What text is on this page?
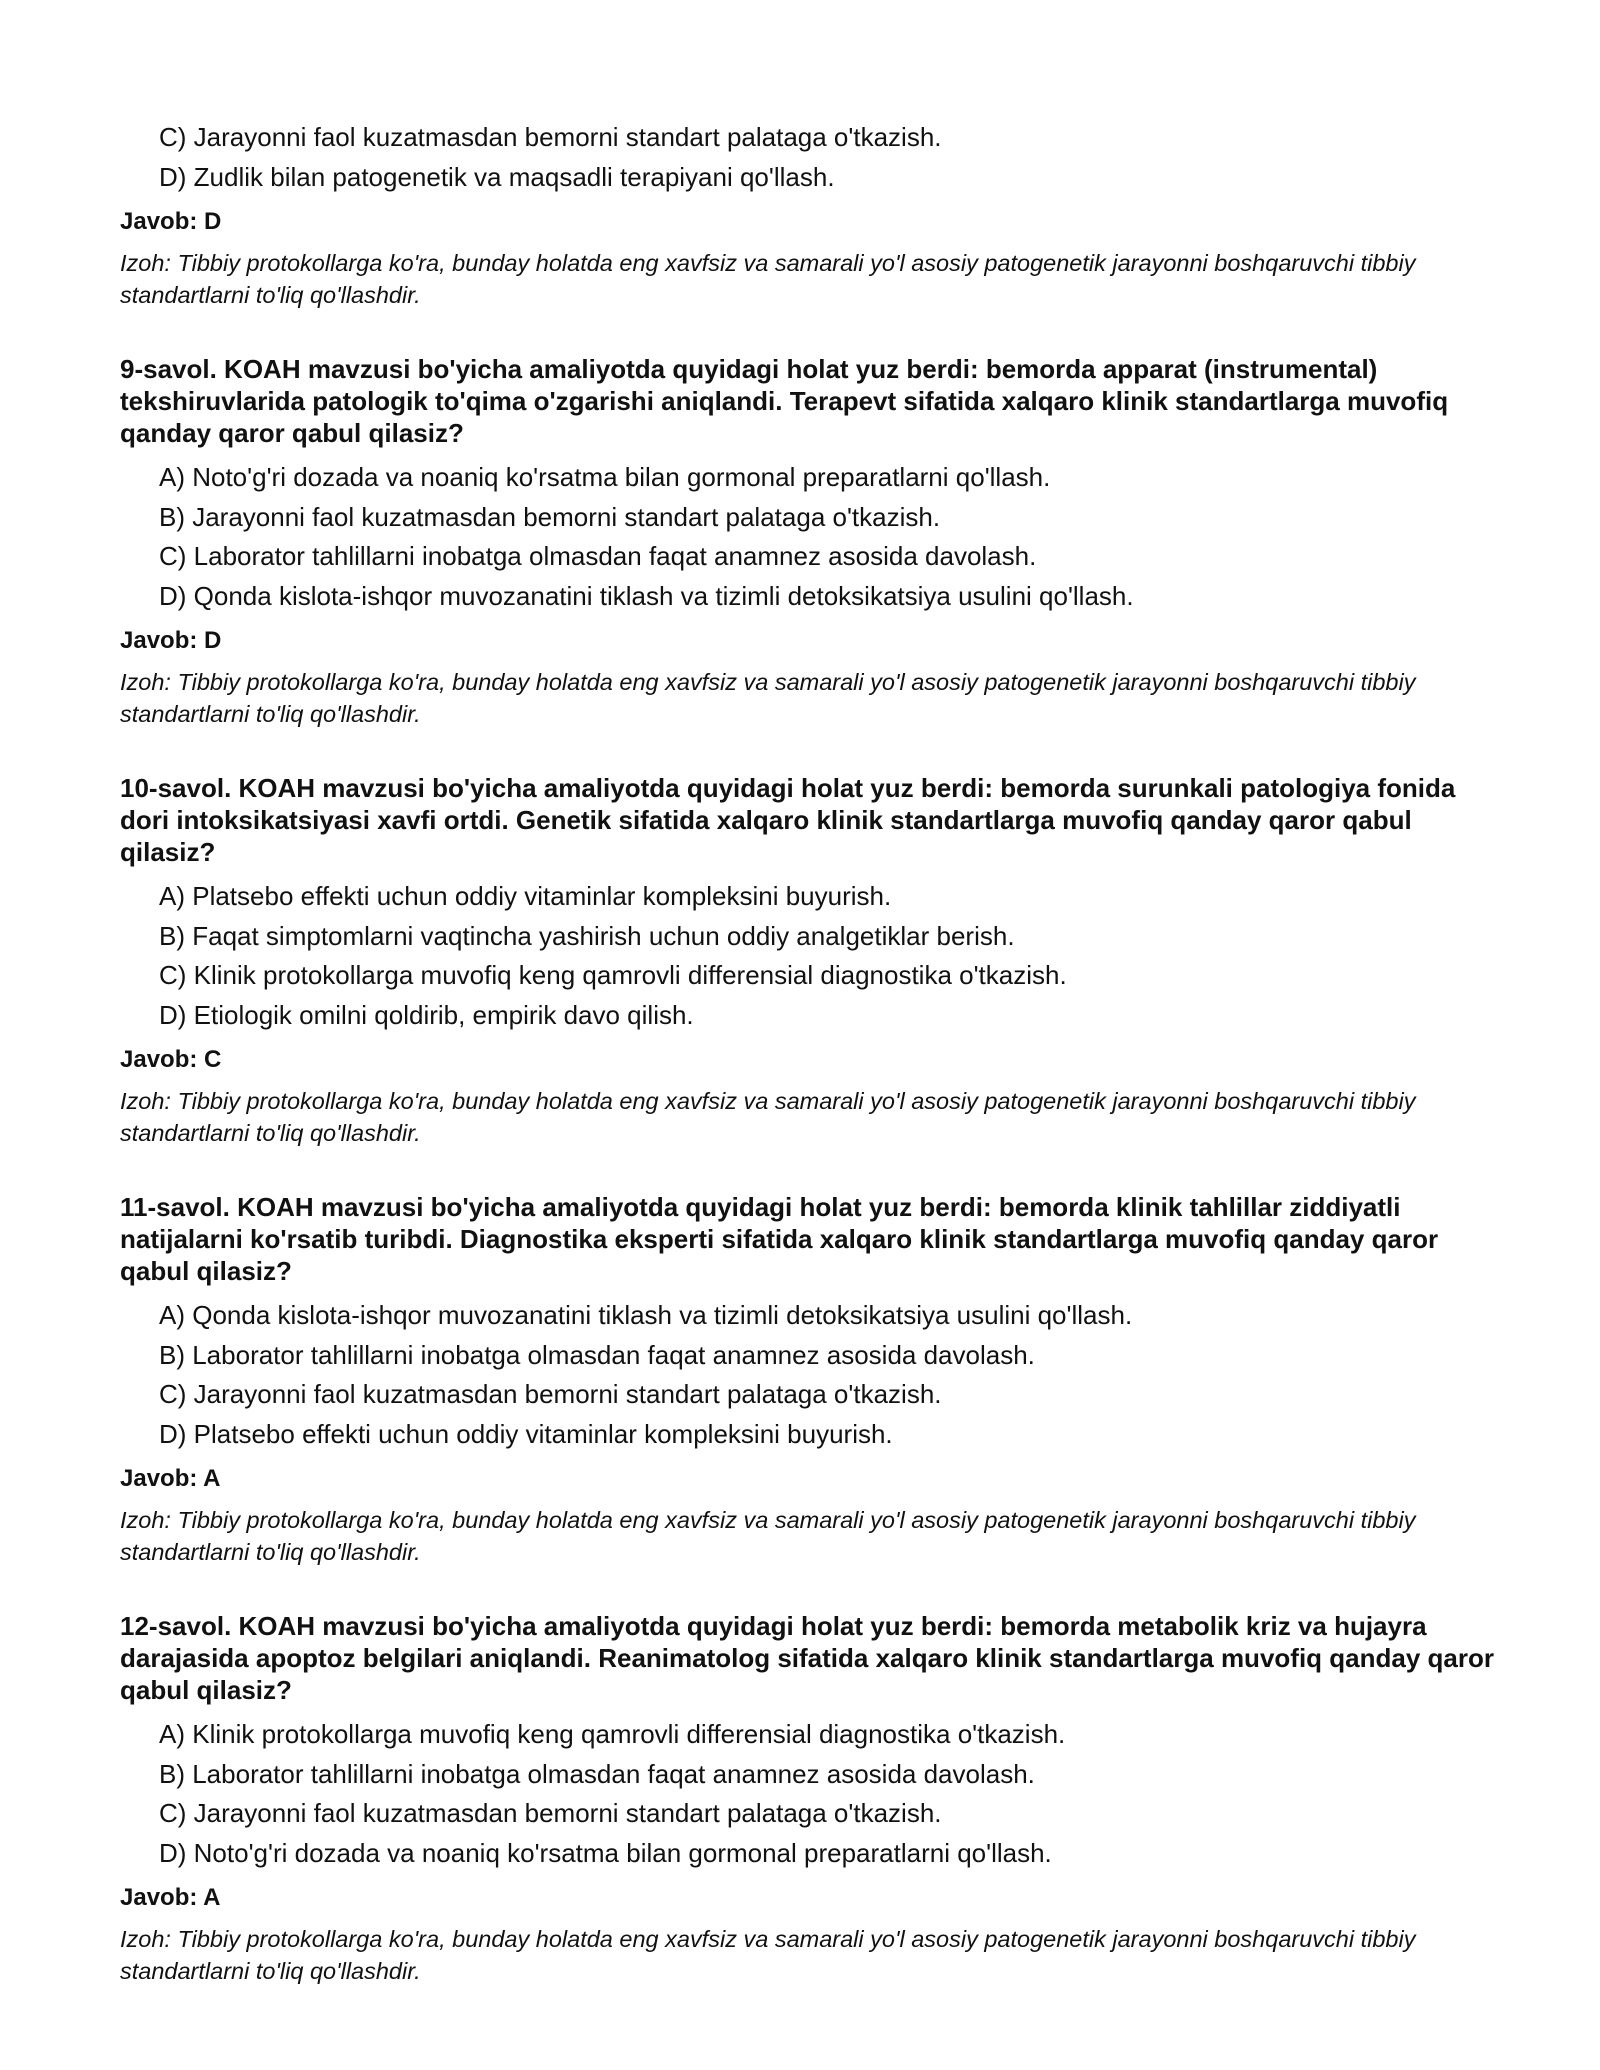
C) Jarayonni faol kuzatmasdan bemorni standart palataga o'tkazish.
D) Zudlik bilan patogenetik va maqsadli terapiyani qo'llash.
Javob: D
Izoh: Tibbiy protokollarga ko'ra, bunday holatda eng xavfsiz va samarali yo'l asosiy patogenetik jarayonni boshqaruvchi tibbiy standartlarni to'liq qo'llashdir.
9-savol. KOAH mavzusi bo'yicha amaliyotda quyidagi holat yuz berdi: bemorda apparat (instrumental) tekshiruvlarida patologik to'qima o'zgarishi aniqlandi. Terapevt sifatida xalqaro klinik standartlarga muvofiq qanday qaror qabul qilasiz?
A) Noto'g'ri dozada va noaniq ko'rsatma bilan gormonal preparatlarni qo'llash.
B) Jarayonni faol kuzatmasdan bemorni standart palataga o'tkazish.
C) Laborator tahlillarni inobatga olmasdan faqat anamnez asosida davolash.
D) Qonda kislota-ishqor muvozanatini tiklash va tizimli detoksikatsiya usulini qo'llash.
Javob: D
Izoh: Tibbiy protokollarga ko'ra, bunday holatda eng xavfsiz va samarali yo'l asosiy patogenetik jarayonni boshqaruvchi tibbiy standartlarni to'liq qo'llashdir.
10-savol. KOAH mavzusi bo'yicha amaliyotda quyidagi holat yuz berdi: bemorda surunkali patologiya fonida dori intoksikatsiyasi xavfi ortdi. Genetik sifatida xalqaro klinik standartlarga muvofiq qanday qaror qabul qilasiz?
A) Platsebo effekti uchun oddiy vitaminlar kompleksini buyurish.
B) Faqat simptomlarni vaqtincha yashirish uchun oddiy analgetiklar berish.
C) Klinik protokollarga muvofiq keng qamrovli differensial diagnostika o'tkazish.
D) Etiologik omilni qoldirib, empirik davo qilish.
Javob: C
Izoh: Tibbiy protokollarga ko'ra, bunday holatda eng xavfsiz va samarali yo'l asosiy patogenetik jarayonni boshqaruvchi tibbiy standartlarni to'liq qo'llashdir.
11-savol. KOAH mavzusi bo'yicha amaliyotda quyidagi holat yuz berdi: bemorda klinik tahlillar ziddiyatli natijalarni ko'rsatib turibdi. Diagnostika eksperti sifatida xalqaro klinik standartlarga muvofiq qanday qaror qabul qilasiz?
A) Qonda kislota-ishqor muvozanatini tiklash va tizimli detoksikatsiya usulini qo'llash.
B) Laborator tahlillarni inobatga olmasdan faqat anamnez asosida davolash.
C) Jarayonni faol kuzatmasdan bemorni standart palataga o'tkazish.
D) Platsebo effekti uchun oddiy vitaminlar kompleksini buyurish.
Javob: A
Izoh: Tibbiy protokollarga ko'ra, bunday holatda eng xavfsiz va samarali yo'l asosiy patogenetik jarayonni boshqaruvchi tibbiy standartlarni to'liq qo'llashdir.
12-savol. KOAH mavzusi bo'yicha amaliyotda quyidagi holat yuz berdi: bemorda metabolik kriz va hujayra darajasida apoptoz belgilari aniqlandi. Reanimatolog sifatida xalqaro klinik standartlarga muvofiq qanday qaror qabul qilasiz?
A) Klinik protokollarga muvofiq keng qamrovli differensial diagnostika o'tkazish.
B) Laborator tahlillarni inobatga olmasdan faqat anamnez asosida davolash.
C) Jarayonni faol kuzatmasdan bemorni standart palataga o'tkazish.
D) Noto'g'ri dozada va noaniq ko'rsatma bilan gormonal preparatlarni qo'llash.
Javob: A
Izoh: Tibbiy protokollarga ko'ra, bunday holatda eng xavfsiz va samarali yo'l asosiy patogenetik jarayonni boshqaruvchi tibbiy standartlarni to'liq qo'llashdir.
